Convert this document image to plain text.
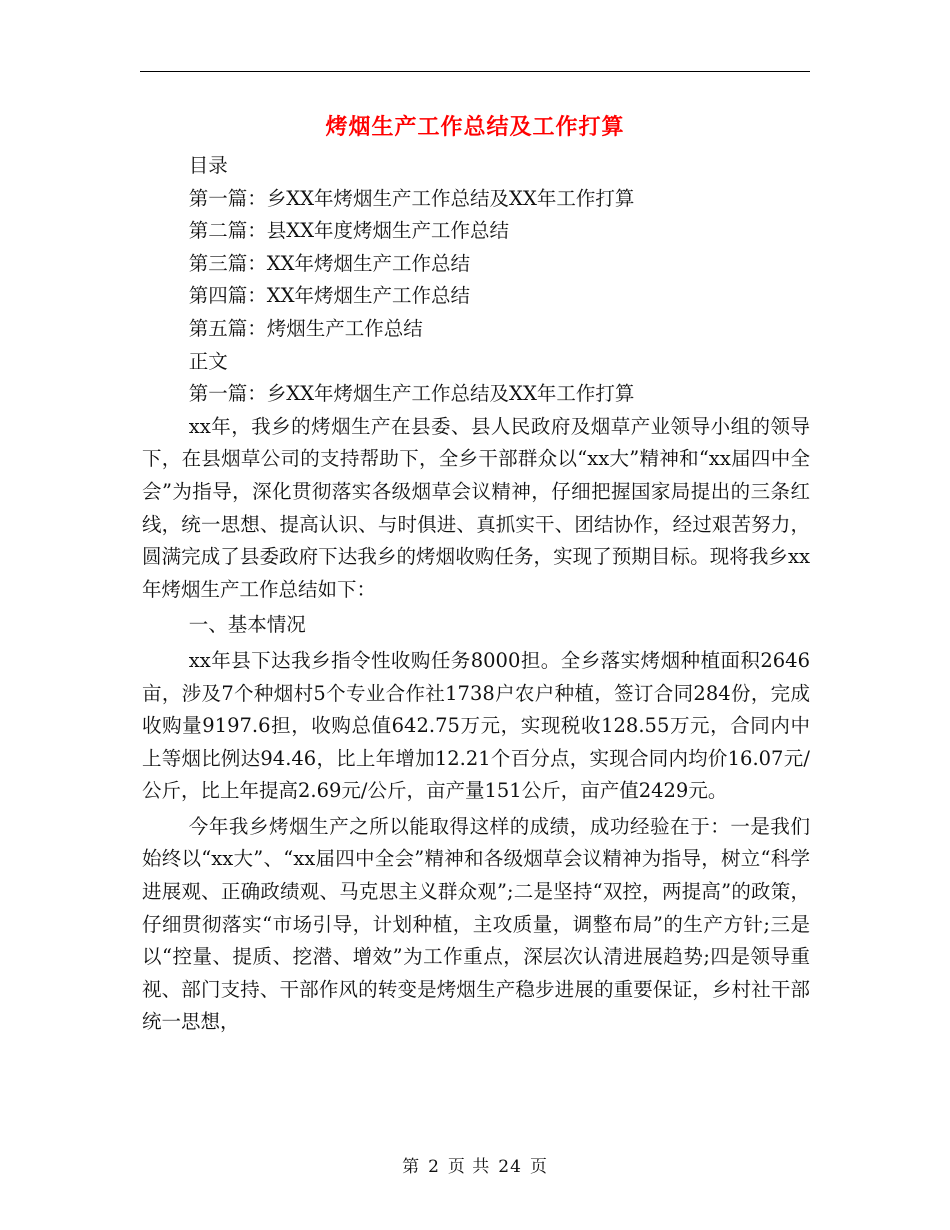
烤烟生产工作总结及工作打算

目录

第一篇：乡XX年烤烟生产工作总结及XX年工作打算

第二篇：县XX年度烤烟生产工作总结

第三篇：XX年烤烟生产工作总结

第四篇：XX年烤烟生产工作总结

第五篇：烤烟生产工作总结

正文

第一篇：乡XX年烤烟生产工作总结及XX年工作打算

xx年，我乡的烤烟生产在县委、县人民政府及烟草产业领导小组的领导下，在县烟草公司的支持帮助下，全乡干部群众以“xx大”精神和“xx届四中全会”为指导，深化贯彻落实各级烟草会议精神，仔细把握国家局提出的三条红线，统一思想、提高认识、与时俱进、真抓实干、团结协作，经过艰苦努力，圆满完成了县委政府下达我乡的烤烟收购任务，实现了预期目标。现将我乡xx年烤烟生产工作总结如下：

一、基本情况

xx年县下达我乡指令性收购任务8000担。全乡落实烤烟种植面积2646亩，涉及7个种烟村5个专业合作社1738户农户种植，签订合同284份，完成收购量9197.6担，收购总值642.75万元，实现税收128.55万元，合同内中上等烟比例达94.46，比上年增加12.21个百分点，实现合同内均价16.07元/公斤，比上年提高2.69元/公斤，亩产量151公斤，亩产值2429元。

今年我乡烤烟生产之所以能取得这样的成绩，成功经验在于：一是我们始终以“xx大”、“xx届四中全会”精神和各级烟草会议精神为指导，树立“科学进展观、正确政绩观、马克思主义群众观”;二是坚持“双控，两提高”的政策，仔细贯彻落实“市场引导，计划种植，主攻质量，调整布局”的生产方针;三是以“控量、提质、挖潜、增效”为工作重点，深层次认清进展趋势;四是领导重视、部门支持、干部作风的转变是烤烟生产稳步进展的重要保证，乡村社干部统一思想，

第 2 页 共 24 页
